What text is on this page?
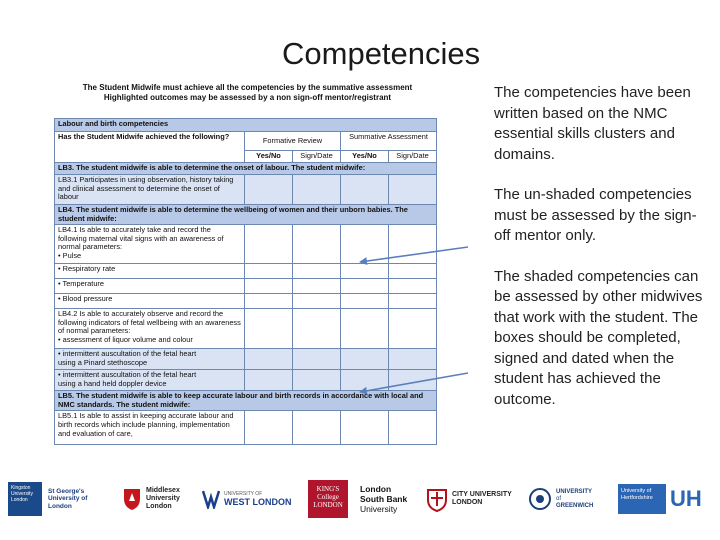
Competencies
The Student Midwife must achieve all the competencies by the summative assessment
Highlighted outcomes may be assessed by a non sign-off mentor/registrant
Labour and birth competencies				
Has the Student Midwife achieved the following?	Formative Review		Summative Assessment	
	Yes/No	Sign/Date	Yes/No	Sign/Date
LB3. The student midwife is able to determine the onset of labour. The student midwife:				
LB3.1 Participates in using observation, history taking and clinical assessment to determine the onset of labour				
LB4. The student midwife is able to determine the wellbeing of women and their unborn babies. The student midwife:				

LB4.1 Is able to accurately take and record the following maternal vital signs with an awareness of normal parameters:
• Pulse				

• Respiratory rate				
• Temperature				
• Blood pressure				

LB4.2 Is able to accurately observe and record the following indicators of fetal wellbeing with an awareness of normal parameters:
• assessment of liquor volume and colour				

• intermittent auscultation of the fetal heart
using a Pinard stethoscope				

• intermittent auscultation of the fetal heart
using a hand held doppler device				

LB5. The student midwife is able to keep accurate labour and birth records in accordance with local and NMC standards. The student midwife:				
LB5.1 Is able to assist in keeping accurate labour and birth records which include planning, implementation and evaluation of care,				

The competencies have been written based on the NMC essential skills clusters and domains.

The un-shaded competencies must be assessed by the sign-off mentor only.

The shaded competencies can be assessed by other midwives that work with the student. The boxes should be completed, signed and dated when the student has achieved the outcome.

Kingston University London
St George's University of London
Middlesex University London
UNIVERSITY OF
WEST LONDON
KING'S College LONDON
London
South Bank
University
CITY UNIVERSITY
LONDON
UNIVERSITY
of
GREENWICH
University of Hertfordshire UH
